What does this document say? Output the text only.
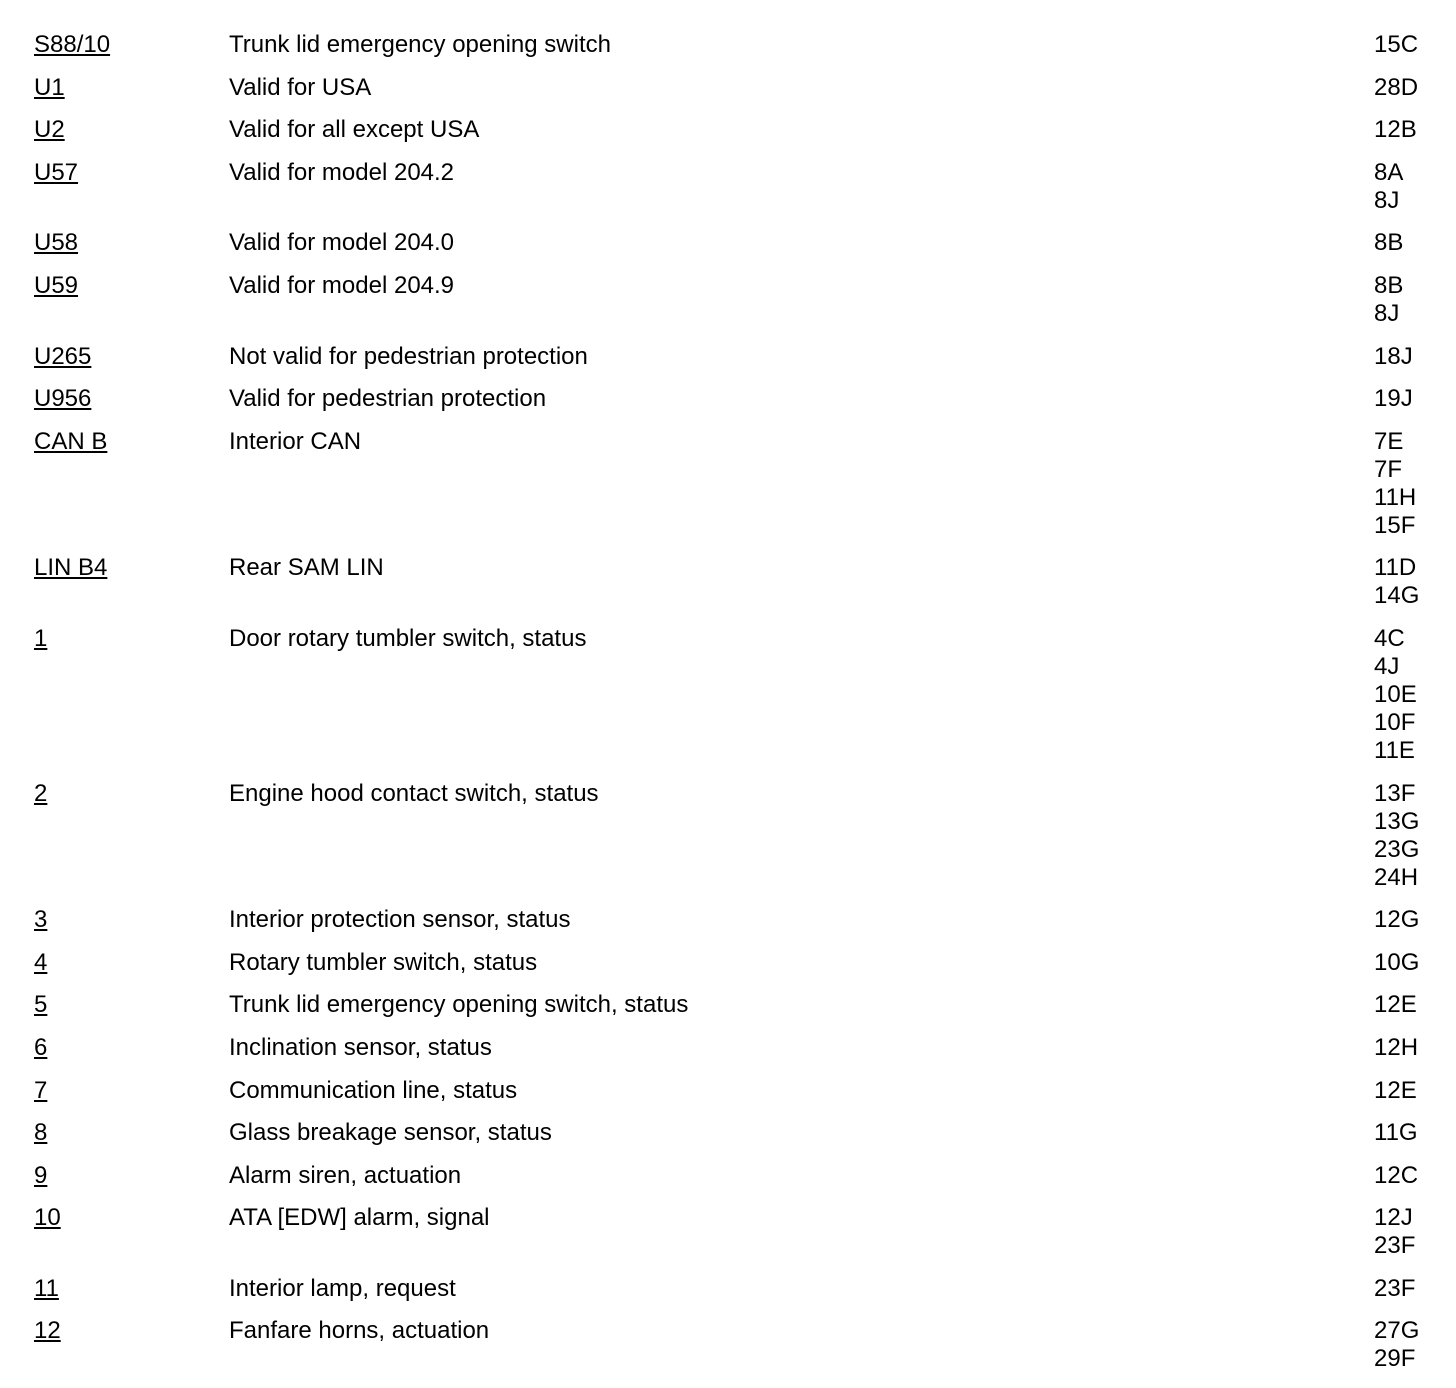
S88/10	Trunk lid emergency opening switch	15C
U1	Valid for USA	28D
U2	Valid for all except USA	12B
U57	Valid for model 204.2	8A
8J
U58	Valid for model 204.0	8B
U59	Valid for model 204.9	8B
8J
U265	Not valid for pedestrian protection	18J
U956	Valid for pedestrian protection	19J
CAN B	Interior CAN	7E
7F
11H
15F
LIN B4	Rear SAM LIN	11D
14G
1	Door rotary tumbler switch, status	4C
4J
10E
10F
11E
2	Engine hood contact switch, status	13F
13G
23G
24H
3	Interior protection sensor, status	12G
4	Rotary tumbler switch, status	10G
5	Trunk lid emergency opening switch, status	12E
6	Inclination sensor, status	12H
7	Communication line, status	12E
8	Glass breakage sensor, status	11G
9	Alarm siren, actuation	12C
10	ATA [EDW] alarm, signal	12J
23F
11	Interior lamp, request	23F
12	Fanfare horns, actuation	27G
29F
